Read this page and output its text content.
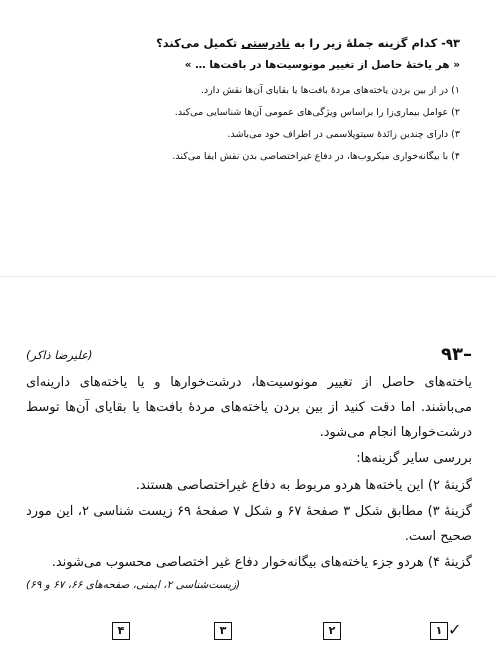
۹۳- کدام گزینه جملهٔ زیر را به نادرستی تکمیل می‌کند؟

« هر یاختهٔ حاصل از تغییر مونوسیت‌ها در بافت‌ها … »

۱) در از بین بردن یاخته‌های مردهٔ بافت‌ها یا بقایای آن‌ها نقش دارد.
۲) عوامل بیماری‌زا را براساس ویژگی‌های عمومی آن‌ها شناسایی می‌کند.
۳) دارای چندین زائدهٔ سیتوپلاسمی در اطراف خود می‌باشد.
۴) با بیگانه‌خواری میکروب‌ها، در دفاع غیراختصاصی بدن نقش ایفا می‌کند.
۹۳–
(علیرضا ذاکر)

یاخته‌های حاصل از تغییر مونوسیت‌ها، درشت‌خوارها و یا یاخته‌های دارینه‌ای می‌باشند. اما دقت کنید از بین بردن یاخته‌های مردهٔ بافت‌ها یا بقایای آن‌ها توسط درشت‌خوارها انجام می‌شود.

بررسی سایر گزینه‌ها:

گزینهٔ ۲) این یاخته‌ها هردو مربوط به دفاع غیراختصاصی هستند.

گزینهٔ ۳) مطابق شکل ۳ صفحهٔ ۶۷ و شکل ۷ صفحهٔ ۶۹ زیست شناسی ۲، این مورد صحیح است.

گزینهٔ ۴) هردو جزء یاخته‌های بیگانه‌خوار دفاع غیر اختصاصی محسوب می‌شوند.

(زیست‌شناسی ۲، ایمنی، صفحه‌های ۶۶، ۶۷ و ۶۹)

✓
۱
۲
۳
۴
